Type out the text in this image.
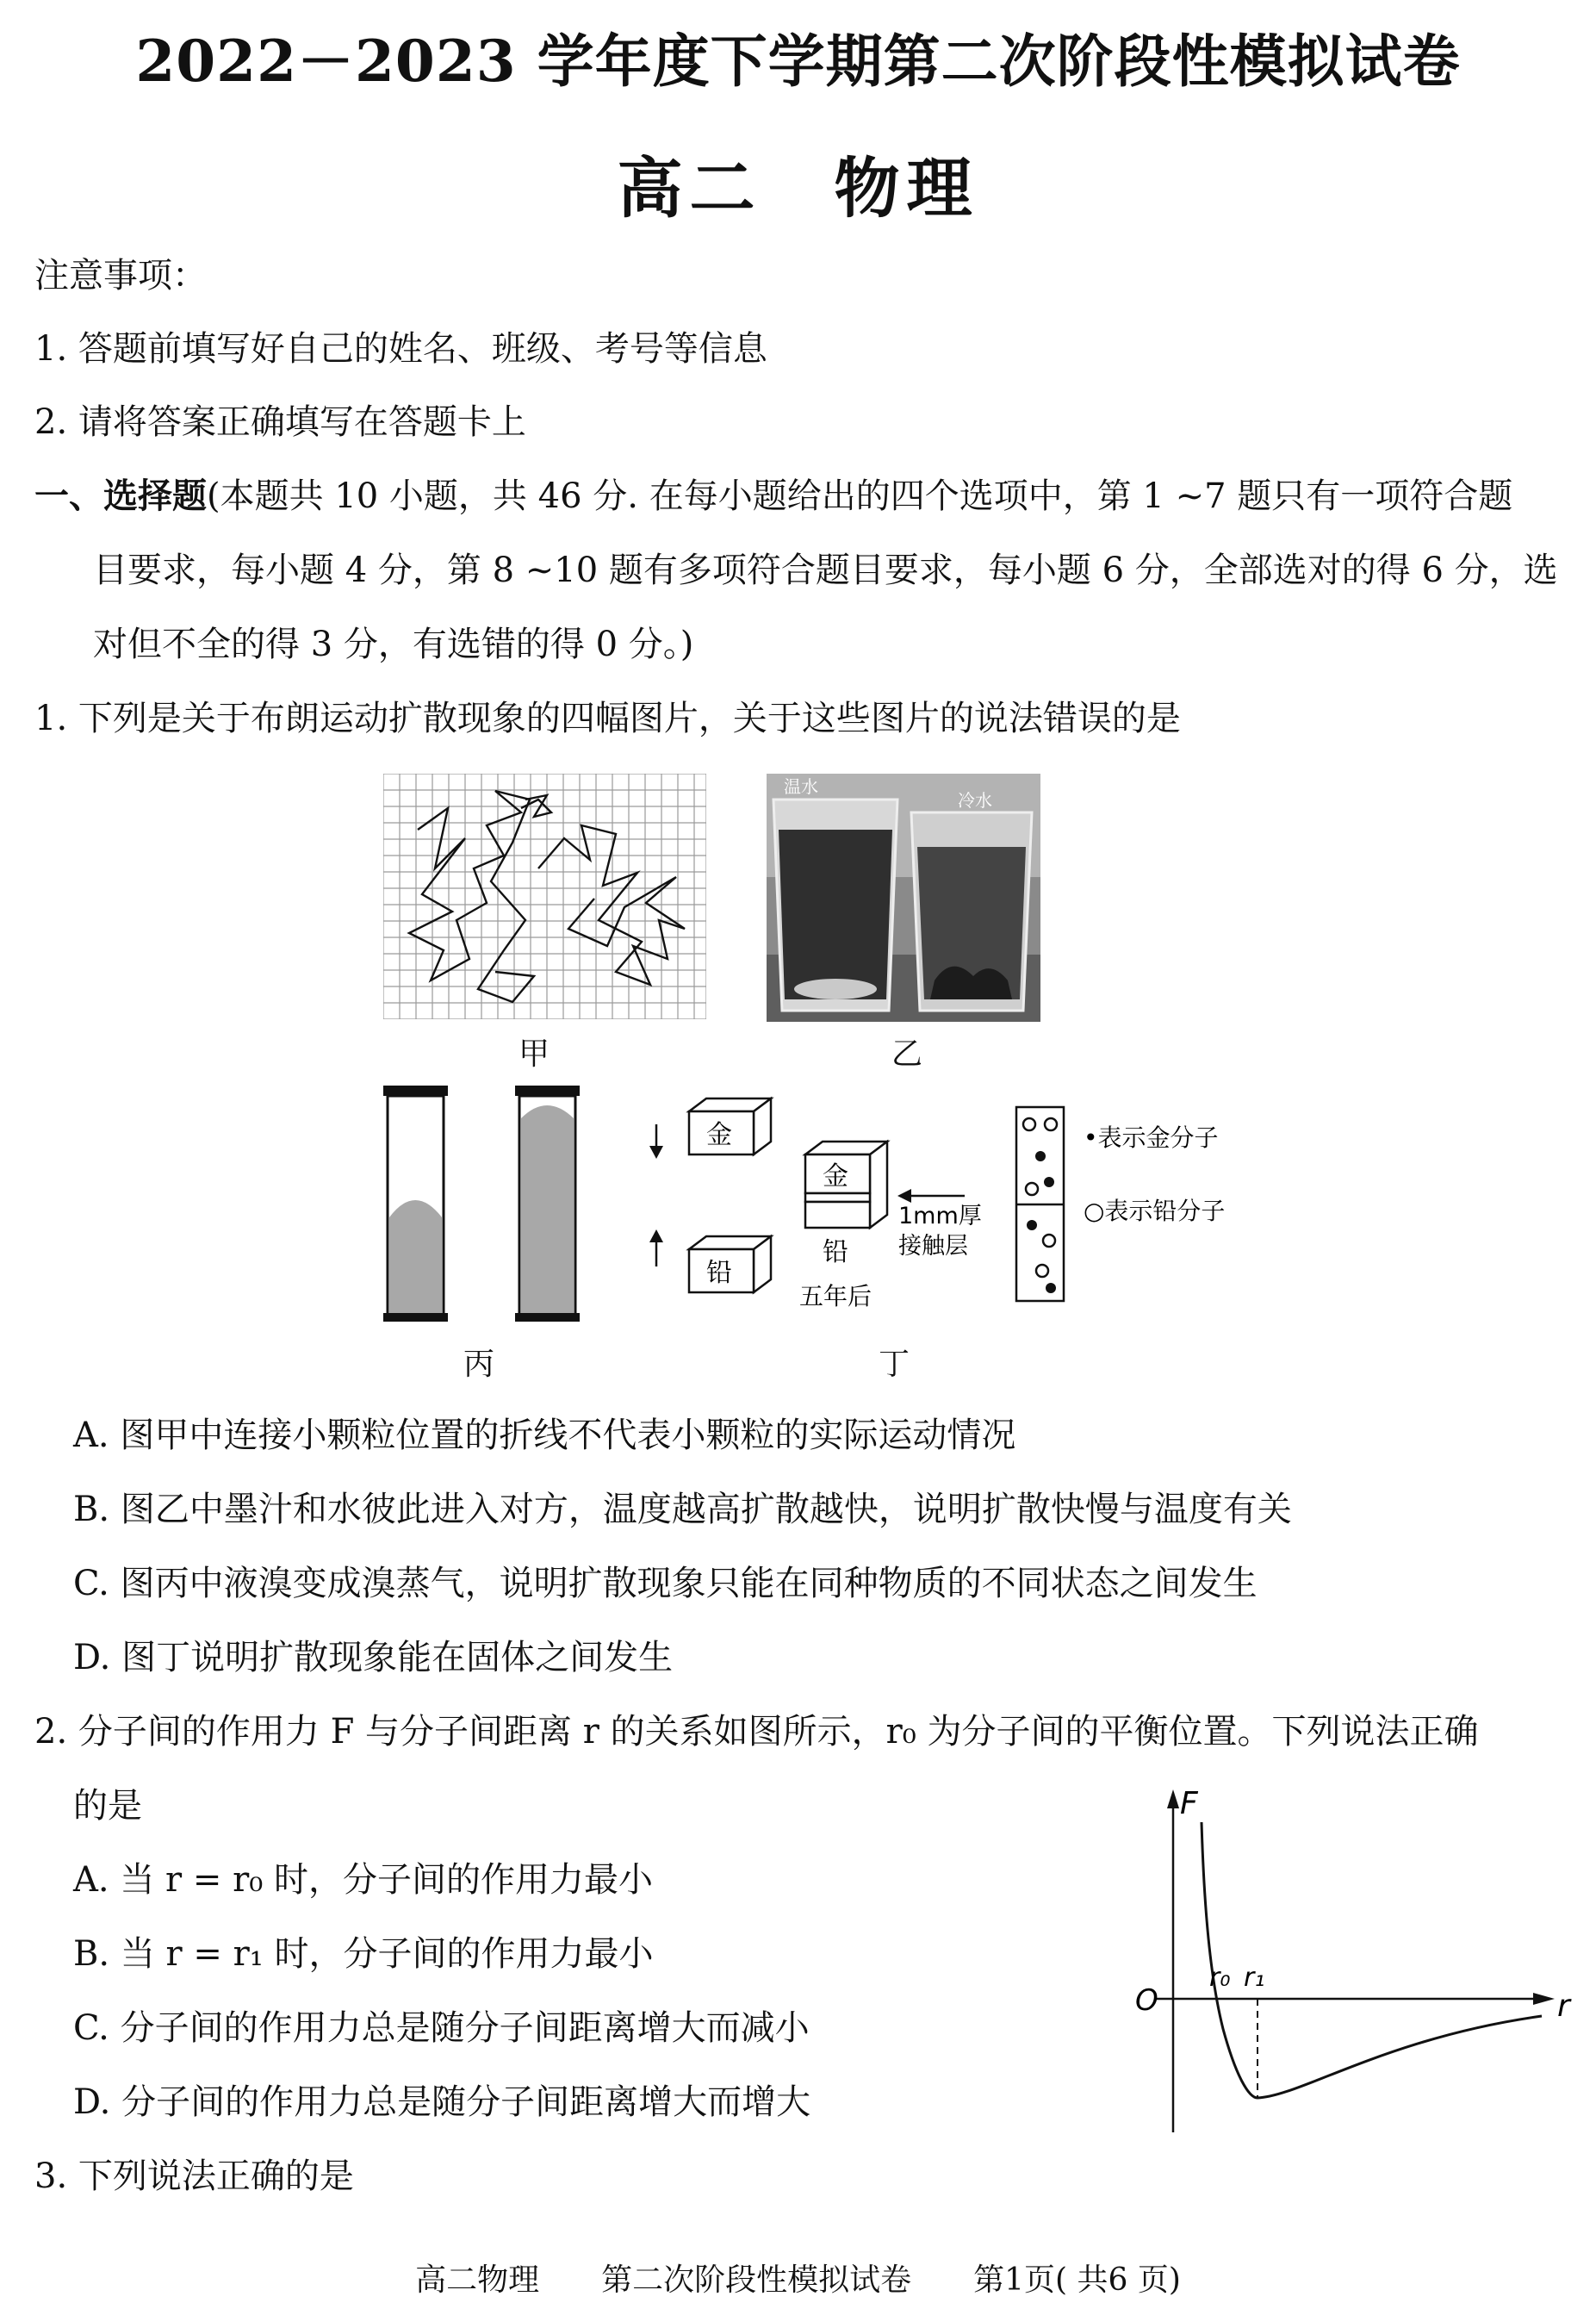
2022－2023 学年度下学期第二次阶段性模拟试卷
高二　物理
注意事项：
1. 答题前填写好自己的姓名、班级、考号等信息
2. 请将答案正确填写在答题卡上
一、选择题(本题共 10 小题，共 46 分. 在每小题给出的四个选项中，第 1 ~7 题只有一项符合题
目要求，每小题 4 分，第 8 ~10 题有多项符合题目要求，每小题 6 分，全部选对的得 6 分，选
对但不全的得 3 分，有选错的得 0 分。)
1. 下列是关于布朗运动扩散现象的四幅图片，关于这些图片的说法错误的是
甲
温水
冷水
乙
丙
金
铅
金
铅
五年后
1mm厚
接触层
•表示金分子
○表示铅分子
丁
A. 图甲中连接小颗粒位置的折线不代表小颗粒的实际运动情况
B. 图乙中墨汁和水彼此进入对方，温度越高扩散越快，说明扩散快慢与温度有关
C. 图丙中液溴变成溴蒸气，说明扩散现象只能在同种物质的不同状态之间发生
D. 图丁说明扩散现象能在固体之间发生
2. 分子间的作用力 F 与分子间距离 r 的关系如图所示，r₀ 为分子间的平衡位置。下列说法正确
的是
A. 当 r = r₀ 时，分子间的作用力最小
B. 当 r = r₁ 时，分子间的作用力最小
C. 分子间的作用力总是随分子间距离增大而减小
D. 分子间的作用力总是随分子间距离增大而增大
F
r
O
r₀ r₁
3. 下列说法正确的是
高二物理　　第二次阶段性模拟试卷　　第1页( 共6 页)
